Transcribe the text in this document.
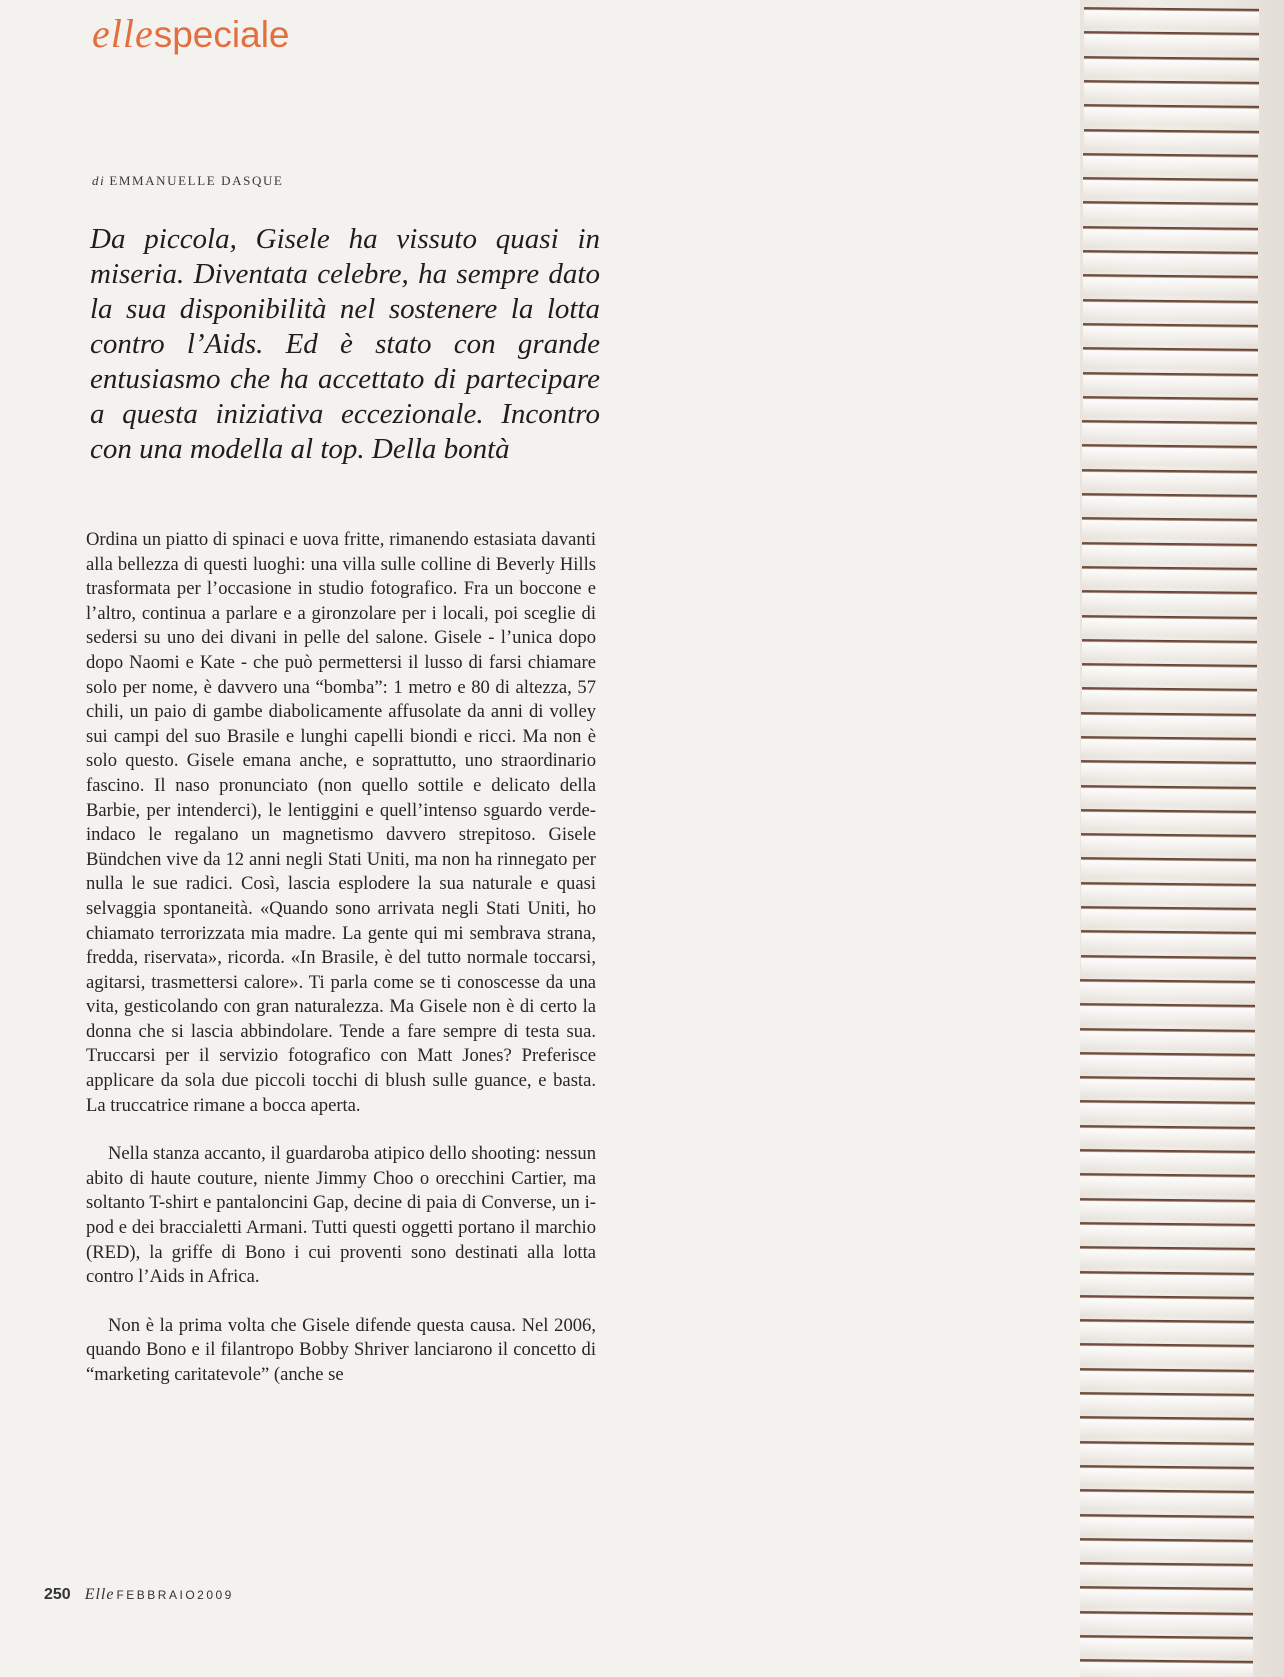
ellespeciale
di EMMANUELLE DASQUE

Da piccola, Gisele ha vissuto quasi in miseria. Diventata celebre, ha sempre dato la sua disponibilità nel sostenere la lotta contro l’Aids. Ed è stato con grande entusiasmo che ha accettato di partecipare a questa iniziativa eccezionale. Incontro con una modella al top. Della bontà

Ordina un piatto di spinaci e uova fritte, rimanendo estasiata davanti alla bellezza di questi luoghi: una villa sulle colline di Beverly Hills trasformata per l’occasione in studio fotografico. Fra un boccone e l’altro, continua a parlare e a gironzolare per i locali, poi sceglie di sedersi su uno dei divani in pelle del salone. Gisele - l’unica dopo dopo Naomi e Kate - che può permettersi il lusso di farsi chiamare solo per nome, è davvero una “bomba”: 1 metro e 80 di altezza, 57 chili, un paio di gambe diabolicamente affusolate da anni di volley sui campi del suo Brasile e lunghi capelli biondi e ricci. Ma non è solo questo. Gisele emana anche, e soprattutto, uno straordinario fascino. Il naso pronunciato (non quello sottile e delicato della Barbie, per intenderci), le lentiggini e quell’intenso sguardo verde-indaco le regalano un magnetismo davvero strepitoso. Gisele Bündchen vive da 12 anni negli Stati Uniti, ma non ha rinnegato per nulla le sue radici. Così, lascia esplodere la sua naturale e quasi selvaggia spontaneità. «Quando sono arrivata negli Stati Uniti, ho chiamato terrorizzata mia madre. La gente qui mi sembrava strana, fredda, riservata», ricorda. «In Brasile, è del tutto normale toccarsi, agitarsi, trasmettersi calore». Ti parla come se ti conoscesse da una vita, gesticolando con gran naturalezza. Ma Gisele non è di certo la donna che si lascia abbindolare. Tende a fare sempre di testa sua. Truccarsi per il servizio fotografico con Matt Jones? Preferisce applicare da sola due piccoli tocchi di blush sulle guance, e basta. La truccatrice rimane a bocca aperta.

Nella stanza accanto, il guardaroba atipico dello shooting: nessun abito di haute couture, niente Jimmy Choo o orecchini Cartier, ma soltanto T-shirt e pantaloncini Gap, decine di paia di Converse, un i-pod e dei braccialetti Armani. Tutti questi oggetti portano il marchio (RED), la griffe di Bono i cui proventi sono destinati alla lotta contro l’Aids in Africa.

Non è la prima volta che Gisele difende questa causa. Nel 2006, quando Bono e il filantropo Bobby Shriver lanciarono il concetto di “marketing caritatevole” (anche se

250 Elle FEBBRAIO2009
